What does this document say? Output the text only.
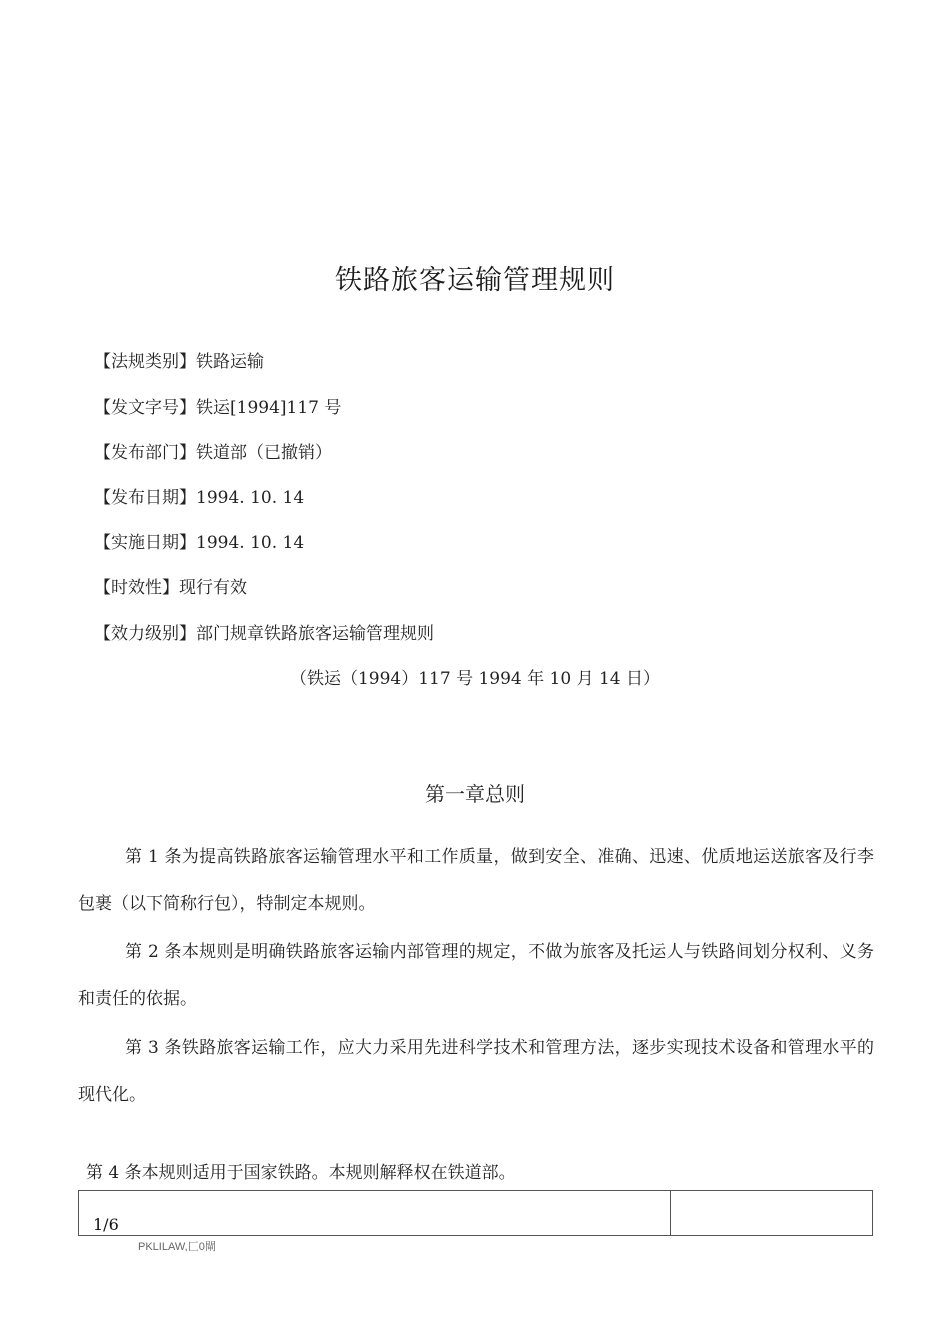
铁路旅客运输管理规则
【法规类别】铁路运输
【发文字号】铁运[1994]117 号
【发布部门】铁道部（已撤销）
【发布日期】1994. 10. 14
【实施日期】1994. 10. 14
【时效性】现行有效
【效力级别】部门规章铁路旅客运输管理规则
（铁运（1994）117 号 1994 年 10 月 14 日）
第一章总则
第 1 条为提高铁路旅客运输管理水平和工作质量，做到安全、准确、迅速、优质地运送旅客及行李包裹（以下简称行包），特制定本规则。
第 2 条本规则是明确铁路旅客运输内部管理的规定，不做为旅客及托运人与铁路间划分权利、义务和责任的依据。
第 3 条铁路旅客运输工作，应大力采用先进科学技术和管理方法，逐步实现技术设备和管理水平的现代化。
第 4 条本规则适用于国家铁路。本规则解释权在铁道部。
1/6
PKLILAW,匚0閘
